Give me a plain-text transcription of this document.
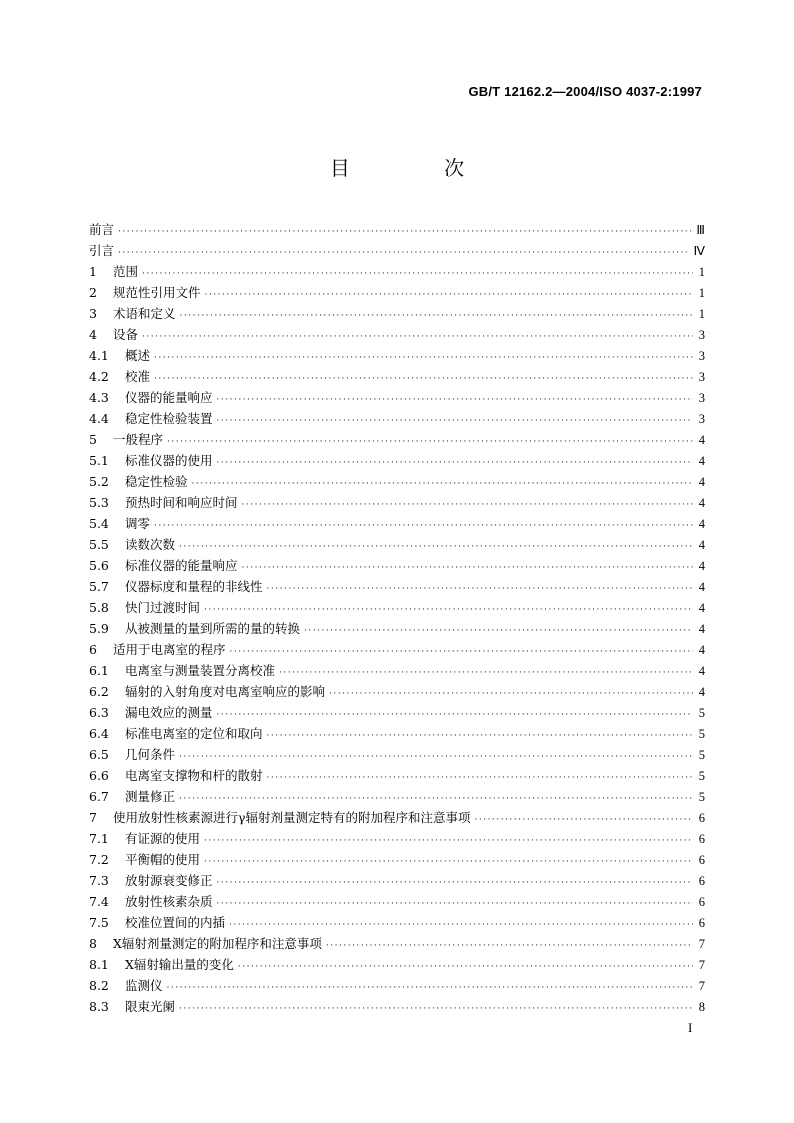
GB/T 12162.2—2004/ISO 4037-2:1997
目 次
前言 ·····	Ⅲ
引言 ·····	Ⅳ
1	范围 ·····	1
2	规范性引用文件 ·····	1
3	术语和定义 ·····	1
4	设备 ·····	3
4.1	概述 ·····	3
4.2	校准 ·····	3
4.3	仪器的能量响应 ·····	3
4.4	稳定性检验装置 ·····	3
5	一般程序 ·····	4
5.1	标准仪器的使用 ·····	4
5.2	稳定性检验 ·····	4
5.3	预热时间和响应时间 ·····	4
5.4	调零 ·····	4
5.5	读数次数 ·····	4
5.6	标准仪器的能量响应 ·····	4
5.7	仪器标度和量程的非线性 ·····	4
5.8	快门过渡时间 ·····	4
5.9	从被测量的量到所需的量的转换 ·····	4
6	适用于电离室的程序 ·····	4
6.1	电离室与测量装置分离校准 ·····	4
6.2	辐射的入射角度对电离室响应的影响 ·····	4
6.3	漏电效应的测量 ·····	5
6.4	标准电离室的定位和取向 ·····	5
6.5	几何条件 ·····	5
6.6	电离室支撑物和杆的散射 ·····	5
6.7	测量修正 ·····	5
7	使用放射性核素源进行γ辐射剂量测定特有的附加程序和注意事项 ·····	6
7.1	有证源的使用 ·····	6
7.2	平衡帽的使用 ·····	6
7.3	放射源衰变修正 ·····	6
7.4	放射性核素杂质 ·····	6
7.5	校准位置间的内插 ·····	6
8	X辐射剂量测定的附加程序和注意事项 ·····	7
8.1	X辐射输出量的变化 ·····	7
8.2	监测仪 ·····	7
8.3	限束光阑 ·····	8
I
